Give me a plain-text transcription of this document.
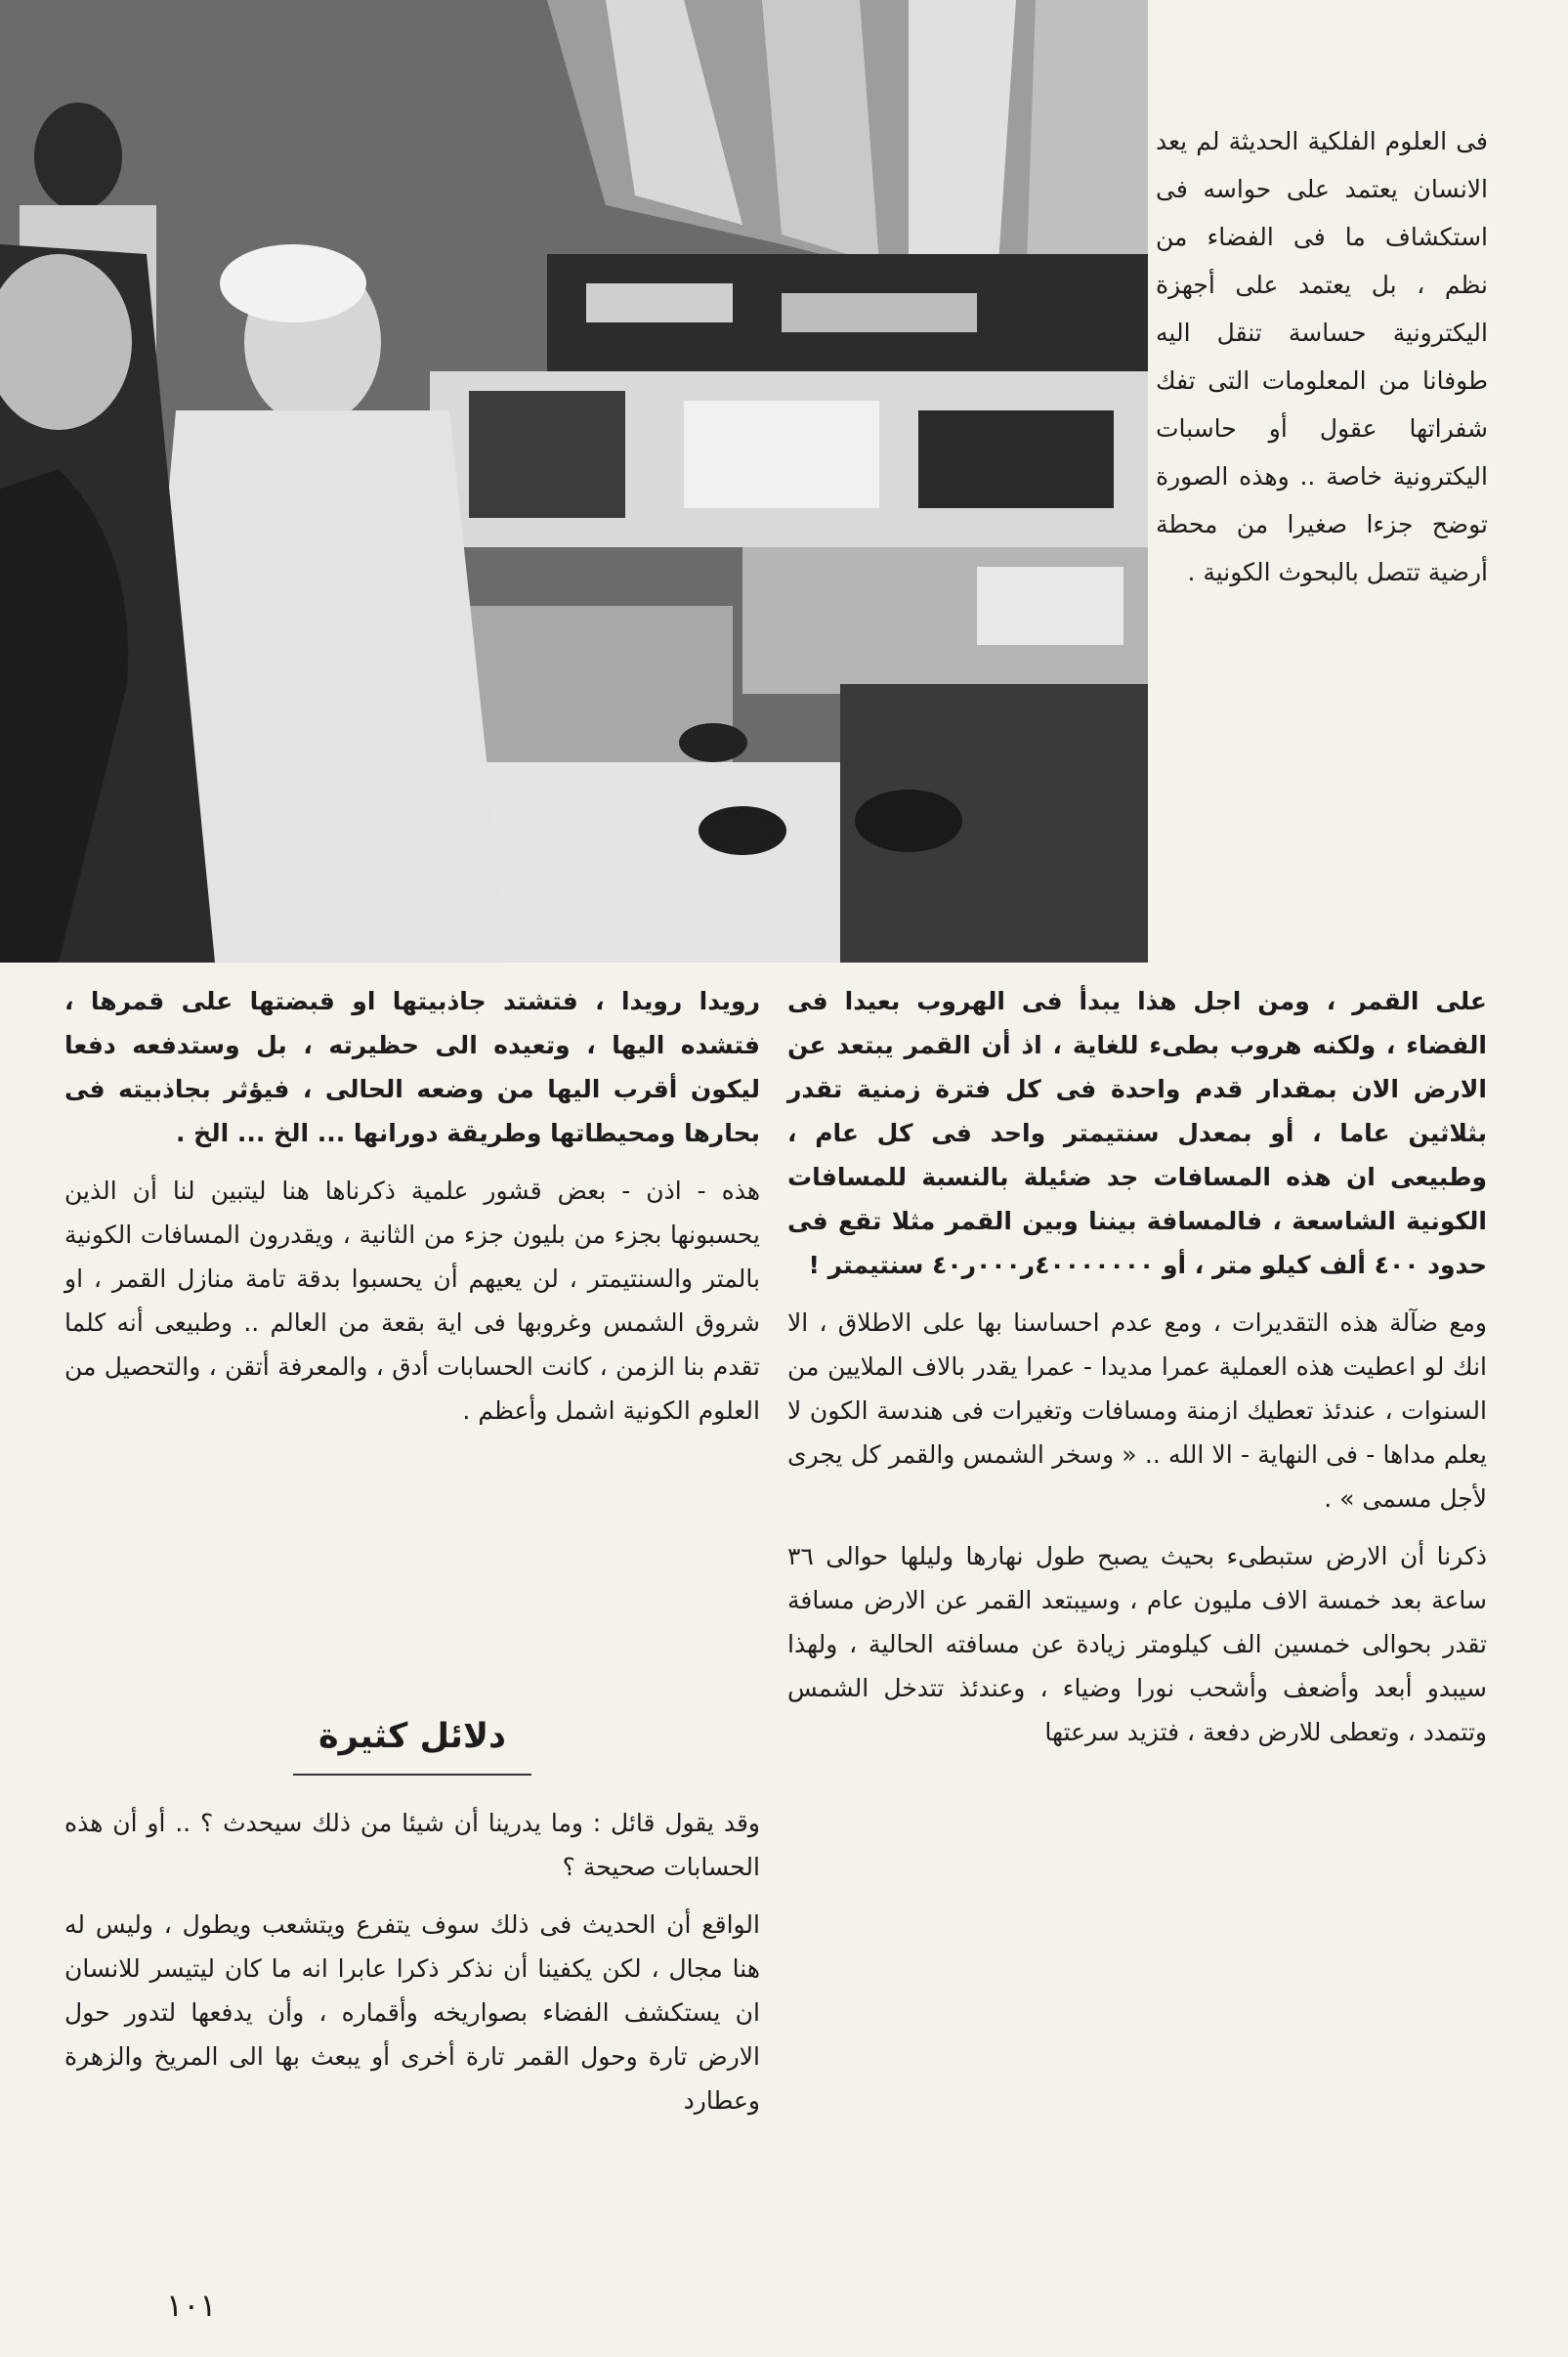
فى العلوم الفلكية الحديثة لم يعد الانسان يعتمد على حواسه فى استكشاف ما فى الفضاء من نظم ، بل يعتمد على أجهزة اليكترونية حساسة تنقل اليه طوفانا من المعلومات التى تفك شفراتها عقول أو حاسبات اليكترونية خاصة .. وهذه الصورة توضح جزءا صغيرا من محطة أرضية تتصل بالبحوث الكونية .

على القمر ، ومن اجل هذا يبدأ فى الهروب بعيدا فى الفضاء ، ولكنه هروب بطىء للغاية ، اذ أن القمر يبتعد عن الارض الان بمقدار قدم واحدة فى كل فترة زمنية تقدر بثلاثين عاما ، أو بمعدل سنتيمتر واحد فى كل عام ، وطبيعى ان هذه المسافات جد ضئيلة بالنسبة للمسافات الكونية الشاسعة ، فالمسافة بيننا وبين القمر مثلا تقع فى حدود ٤٠٠ ألف كيلو متر ، أو ٤٠٠٠٠٠٠٠ر٠٠٠ر٤٠ سنتيمتر !

ومع ضآلة هذه التقديرات ، ومع عدم احساسنا بها على الاطلاق ، الا انك لو اعطيت هذه العملية عمرا مديدا - عمرا يقدر بالاف الملايين من السنوات ، عندئذ تعطيك ازمنة ومسافات وتغيرات فى هندسة الكون لا يعلم مداها - فى النهاية - الا الله .. « وسخر الشمس والقمر كل يجرى لأجل مسمى » .

ذكرنا أن الارض ستبطىء بحيث يصبح طول نهارها وليلها حوالى ٣٦ ساعة بعد خمسة الاف مليون عام ، وسيبتعد القمر عن الارض مسافة تقدر بحوالى خمسين الف كيلومتر زيادة عن مسافته الحالية ، ولهذا سيبدو أبعد وأضعف وأشحب نورا وضياء ، وعندئذ تتدخل الشمس وتتمدد ، وتعطى للارض دفعة ، فتزيد سرعتها

رويدا رويدا ، فتشتد جاذبيتها او قبضتها على قمرها ، فتشده اليها ، وتعيده الى حظيرته ، بل وستدفعه دفعا ليكون أقرب اليها من وضعه الحالى ، فيؤثر بجاذبيته فى بحارها ومحيطاتها وطريقة دورانها ... الخ ... الخ .

هذه - اذن - بعض قشور علمية ذكرناها هنا ليتبين لنا أن الذين يحسبونها بجزء من بليون جزء من الثانية ، ويقدرون المسافات الكونية بالمتر والسنتيمتر ، لن يعيهم أن يحسبوا بدقة تامة منازل القمر ، او شروق الشمس وغروبها فى اية بقعة من العالم .. وطبيعى أنه كلما تقدم بنا الزمن ، كانت الحسابات أدق ، والمعرفة أتقن ، والتحصيل من العلوم الكونية اشمل وأعظم .

دلائل كثيرة

وقد يقول قائل : وما يدرينا أن شيئا من ذلك سيحدث ؟ .. أو أن هذه الحسابات صحيحة ؟

الواقع أن الحديث فى ذلك سوف يتفرع ويتشعب ويطول ، وليس له هنا مجال ، لكن يكفينا أن نذكر ذكرا عابرا انه ما كان ليتيسر للانسان ان يستكشف الفضاء بصواريخه وأقماره ، وأن يدفعها لتدور حول الارض تارة وحول القمر تارة أخرى أو يبعث بها الى المريخ والزهرة وعطارد

١٠١
